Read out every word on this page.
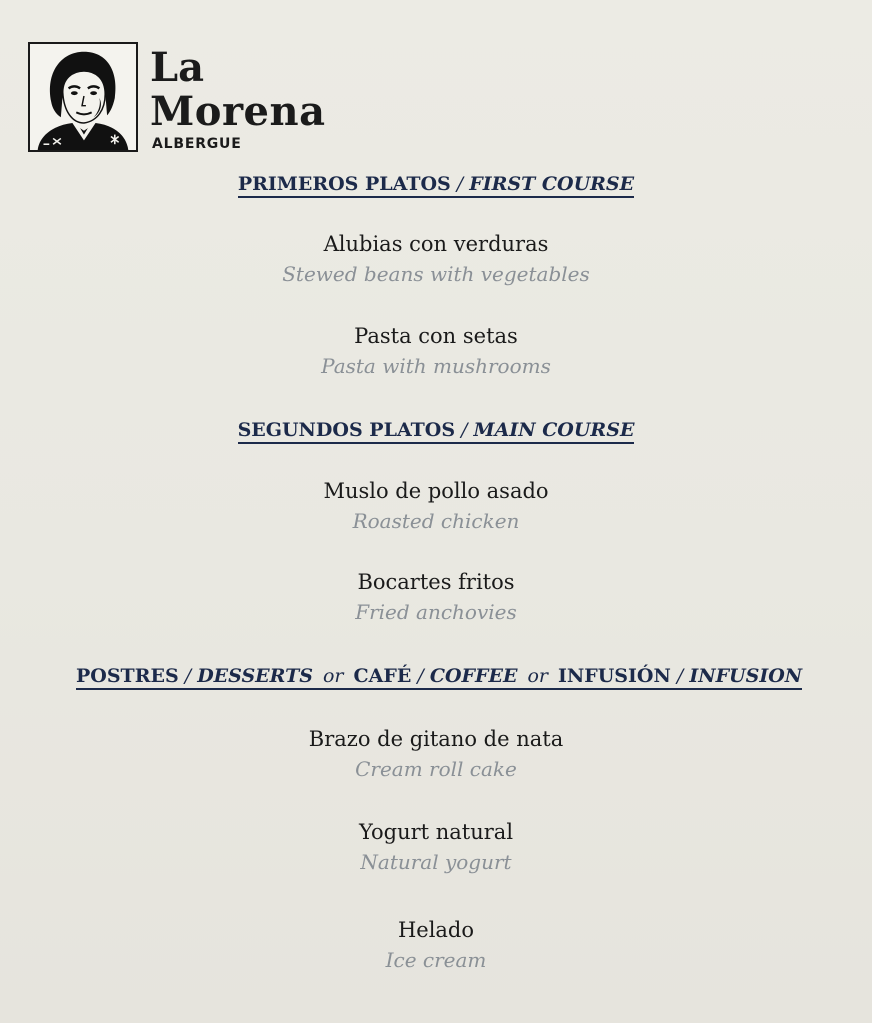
La
Morena
ALBERGUE
PRIMEROS PLATOS / FIRST COURSE
Alubias con verduras
Stewed beans with vegetables
Pasta con setas
Pasta with mushrooms
SEGUNDOS PLATOS / MAIN COURSE
Muslo de pollo asado
Roasted chicken
Bocartes fritos
Fried anchovies
POSTRES / DESSERTS or CAFÉ / COFFEE or INFUSIÓN / INFUSION
Brazo de gitano de nata
Cream roll cake
Yogurt natural
Natural yogurt
Helado
Ice cream
